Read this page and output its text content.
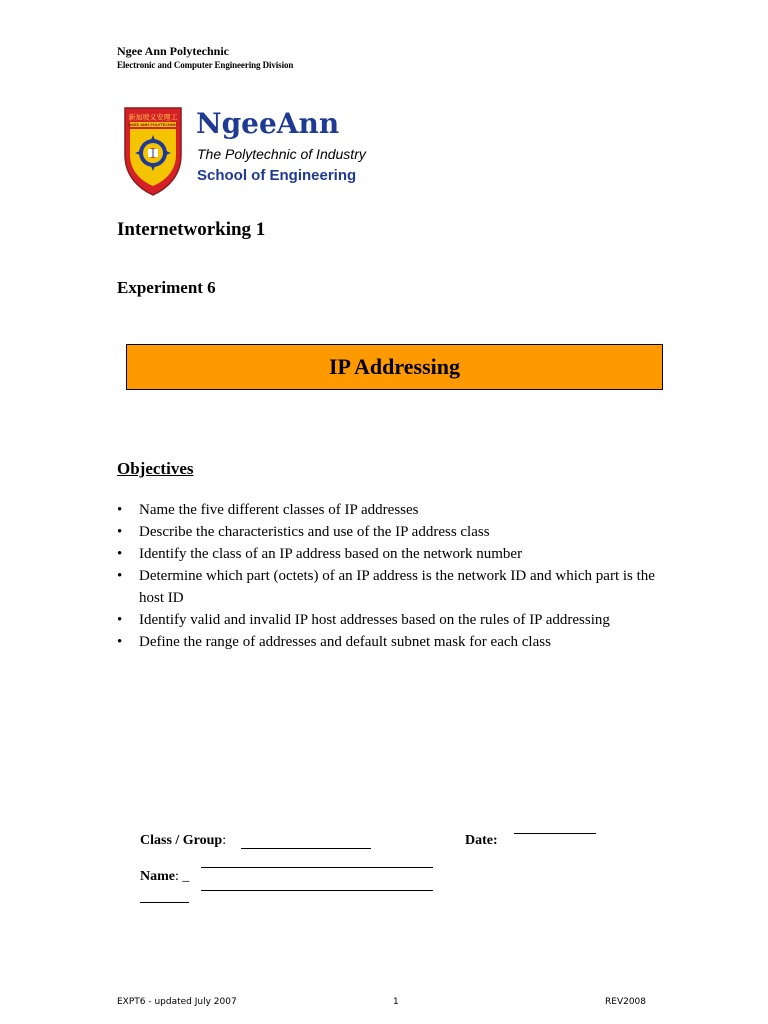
Ngee Ann Polytechnic
Electronic and Computer Engineering Division
新加坡义安理工
NGEE ANN POLYTECHNIC NgeeAnn
The Polytechnic of Industry
School of Engineering
Internetworking 1
Experiment 6
IP Addressing
Objectives
• Name the five different classes of IP addresses
• Describe the characteristics and use of the IP address class
• Identify the class of an IP address based on the network number
• Determine which part (octets) of an IP address is the network ID and which part is the host ID
• Identify valid and invalid IP host addresses based on the rules of IP addressing
• Define the range of addresses and default subnet mask for each class
Class / Group:	Date:
Name: _
EXPT6 - updated July 2007	1	REV2008
